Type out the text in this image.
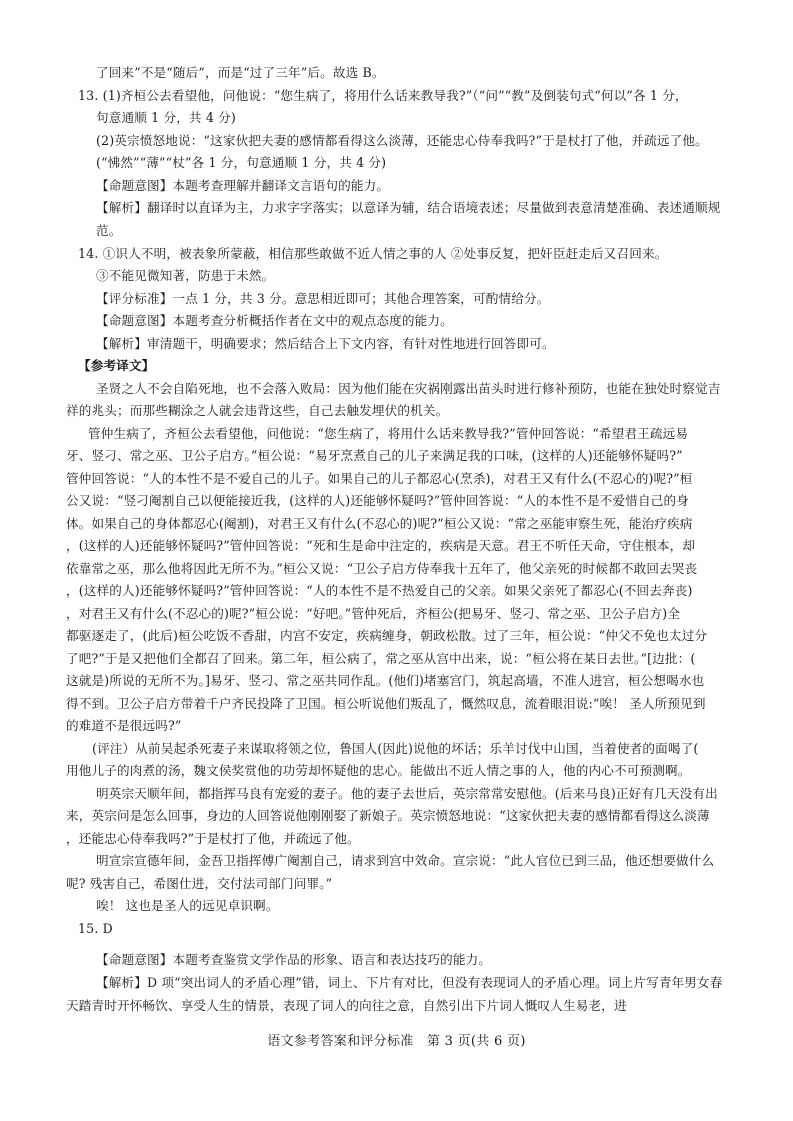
了回来”不是“随后”，而是“过了三年”后。故选 B。
13. (1)齐桓公去看望他，问他说：“您生病了，将用什么话来教导我?”（“问”“教”及倒装句式“何以”各 1 分，
句意通顺 1 分，共 4 分)
(2)英宗愤怒地说：“这家伙把夫妻的感情都看得这么淡薄，还能忠心侍奉我吗?”于是杖打了他，并疏远了他。
(“怫然”“薄”“杖”各 1 分，句意通顺 1 分，共 4 分)
【命题意图】本题考查理解并翻译文言语句的能力。
【解析】翻译时以直译为主，力求字字落实；以意译为辅，结合语境表述；尽量做到表意清楚准确、表述通顺规
范。
14. ①识人不明，被表象所蒙蔽，相信那些敢做不近人情之事的人 ②处事反复，把奸臣赶走后又召回来。
③不能见微知著，防患于未然。
【评分标准】一点 1 分，共 3 分。意思相近即可；其他合理答案，可酌情给分。
【命题意图】本题考查分析概括作者在文中的观点态度的能力。
【解析】审清题干，明确要求；然后结合上下文内容，有针对性地进行回答即可。
【参考译文】
圣贤之人不会自陷死地，也不会落入败局：因为他们能在灾祸刚露出苗头时进行修补预防，也能在独处时察觉吉
祥的兆头；而那些糊涂之人就会违背这些，自己去触发埋伏的机关。
管仲生病了，齐桓公去看望他，问他说：“您生病了，将用什么话来教导我?”管仲回答说：“希望君王疏远易
牙、竖刁、常之巫、卫公子启方。”桓公说：“易牙烹煮自己的儿子来满足我的口味，(这样的人)还能够怀疑吗?”
管仲回答说：“人的本性不是不爱自己的儿子。如果自己的儿子都忍心(烹杀)，对君王又有什么(不忍心的)呢?”桓
公又说：“竖刁阉割自己以便能接近我，(这样的人)还能够怀疑吗?”管仲回答说：“人的本性不是不爱惜自己的身
体。如果自己的身体都忍心(阉割)，对君王又有什么(不忍心的)呢?”桓公又说：“常之巫能审察生死，能治疗疾病
，(这样的人)还能够怀疑吗?”管仲回答说：“死和生是命中注定的，疾病是天意。君王不听任天命，守住根本，却
依靠常之巫，那么他将因此无所不为。”桓公又说：“卫公子启方侍奉我十五年了，他父亲死的时候都不敢回去哭丧
，(这样的人)还能够怀疑吗?”管仲回答说：“人的本性不是不热爱自己的父亲。如果父亲死了都忍心(不回去奔丧)
，对君王又有什么(不忍心的)呢?”桓公说：“好吧。”管仲死后，齐桓公(把易牙、竖刁、常之巫、卫公子启方)全
都驱逐走了，(此后)桓公吃饭不香甜，内宫不安定，疾病缠身，朝政松散。过了三年，桓公说：“仲父不免也太过分
了吧?”于是又把他们全都召了回来。第二年，桓公病了，常之巫从宫中出来，说：“桓公将在某日去世。”[边批：(
这就是)所说的无所不为。]易牙、竖刁、常之巫共同作乱。(他们)堵塞宫门，筑起高墙，不准人进宫，桓公想喝水也
得不到。卫公子启方带着千户齐民投降了卫国。桓公听说他们叛乱了，慨然叹息，流着眼泪说:“唉！ 圣人所预见到
的难道不是很远吗?”
(评注）从前吴起杀死妻子来谋取将领之位，鲁国人(因此)说他的坏话；乐羊讨伐中山国，当着使者的面喝了(
用他儿子的肉煮的汤，魏文侯奖赏他的功劳却怀疑他的忠心。能做出不近人情之事的人，他的内心不可预测啊。
明英宗天顺年间，都指挥马良有宠爱的妻子。他的妻子去世后，英宗常常安慰他。(后来马良)正好有几天没有出
来，英宗问是怎么回事，身边的人回答说他刚刚娶了新娘子。英宗愤怒地说：“这家伙把夫妻的感情都看得这么淡薄
，还能忠心侍奉我吗?”于是杖打了他，并疏远了他。
明宣宗宣德年间，金吾卫指挥傅广阉割自己，请求到宫中效命。宣宗说：“此人官位已到三品，他还想要做什么
呢? 残害自己，希图仕进，交付法司部门问罪。”
唉！ 这也是圣人的远见卓识啊。
15. D
【命题意图】本题考查鉴赏文学作品的形象、语言和表达技巧的能力。
【解析】D 项“突出词人的矛盾心理”错，词上、下片有对比，但没有表现词人的矛盾心理。词上片写青年男女春
天踏青时开怀畅饮、享受人生的情景，表现了词人的向往之意，自然引出下片词人慨叹人生易老，进
语文参考答案和评分标准　第 3 页(共 6 页)
